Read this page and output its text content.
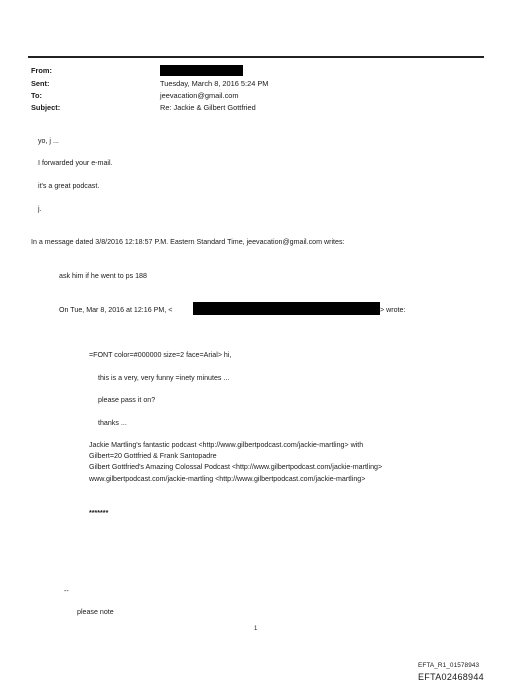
From:
Sent:	Tuesday, March 8, 2016 5:24 PM
To:	jeevacation@gmail.com
Subject:	Re: Jackie & Gilbert Gottfried
yo, j ...
I forwarded your e-mail.
it's a great podcast.
j.
In a message dated 3/8/2016 12:18:57 P.M. Eastern Standard Time, jeevacation@gmail.com writes:
ask him if he went to ps 188
On Tue, Mar 8, 2016 at 12:16 PM, <	> wrote:
=FONT color=#000000 size=2 face=Arial> hi,
this is a very, very funny =inety minutes ...
please pass it on?
thanks ...
Jackie Martling's fantastic podcast <http://www.gilbertpodcast.com/jackie-martling> with
Gilbert=20 Gottfried & Frank Santopadre
Gilbert Gottfried's Amazing Colossal Podcast <http://www.gilbertpodcast.com/jackie-martling>
www.gilbertpodcast.com/jackie-martling <http://www.gilbertpodcast.com/jackie-martling>
*******
--
please note
1
EFTA_R1_01578943
EFTA02468944
